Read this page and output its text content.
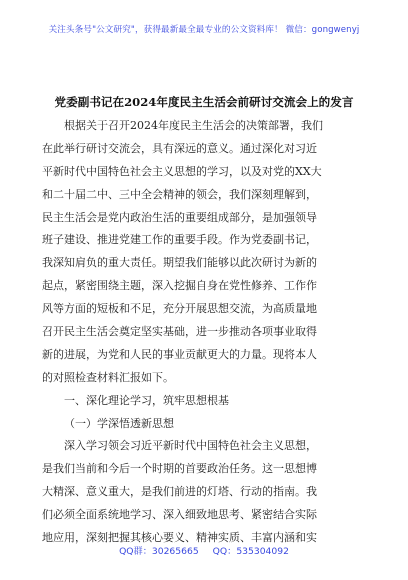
关注头条号"公文研究"，获得最新最全最专业的公文资料库！ 微信：gongwenyj
党委副书记在2024年度民主生活会前研讨交流会上的发言
根据关于召开2024年度民主生活会的决策部署，我们
在此举行研讨交流会，具有深远的意义。通过深化对习近
平新时代中国特色社会主义思想的学习，以及对党的XX大
和二十届二中、三中全会精神的领会，我们深刻理解到，
民主生活会是党内政治生活的重要组成部分，是加强领导
班子建设、推进党建工作的重要手段。作为党委副书记，
我深知肩负的重大责任。期望我们能够以此次研讨为新的
起点，紧密围绕主题，深入挖掘自身在党性修养、工作作
风等方面的短板和不足，充分开展思想交流，为高质量地
召开民主生活会奠定坚实基础，进一步推动各项事业取得
新的进展，为党和人民的事业贡献更大的力量。现将本人
的对照检查材料汇报如下。
一、深化理论学习，筑牢思想根基
（一）学深悟透新思想
深入学习领会习近平新时代中国特色社会主义思想，
是我们当前和今后一个时期的首要政治任务。这一思想博
大精深、意义重大，是我们前进的灯塔、行动的指南。我
们必须全面系统地学习、深入细致地思考、紧密结合实际
地应用，深刻把握其核心要义、精神实质、丰富内涵和实
QQ群：30265665 QQ：535304092
